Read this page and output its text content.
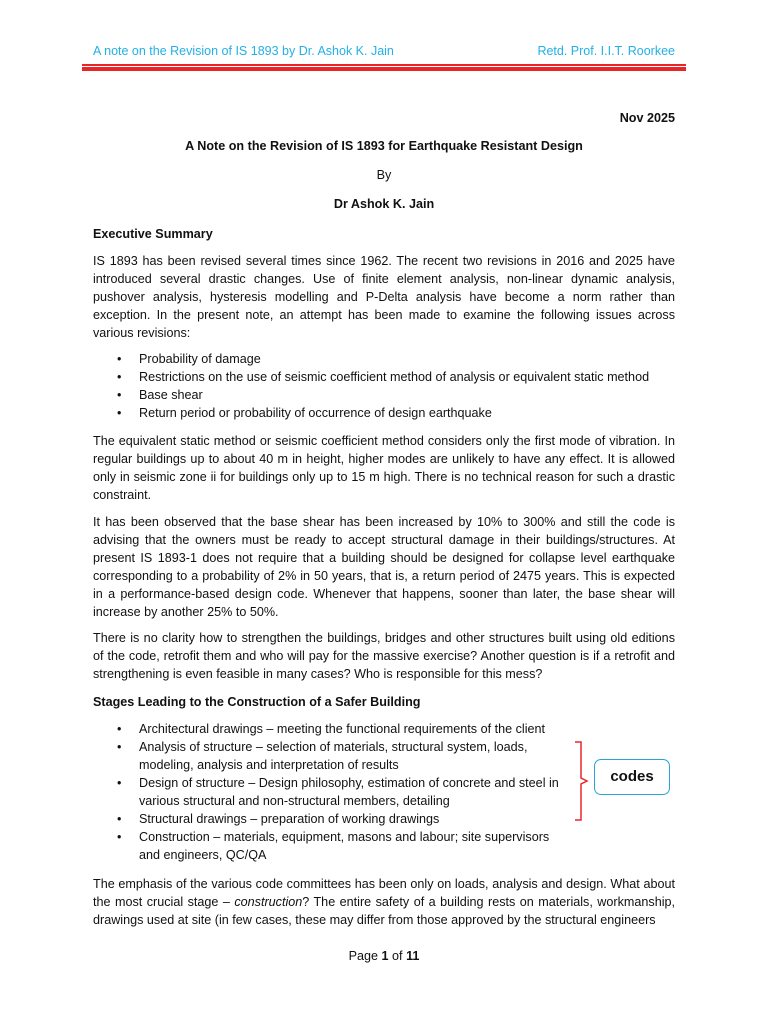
A note on the Revision of IS 1893 by Dr. Ashok K. Jain	Retd. Prof. I.I.T. Roorkee
Nov 2025
A Note on the Revision of IS 1893 for Earthquake Resistant Design
By
Dr Ashok K. Jain
Executive Summary

IS 1893 has been revised several times since 1962. The recent two revisions in 2016 and 2025 have introduced several drastic changes. Use of finite element analysis, non-linear dynamic analysis, pushover analysis, hysteresis modelling and P-Delta analysis have become a norm rather than exception. In the present note, an attempt has been made to examine the following issues across various revisions:

• Probability of damage
• Restrictions on the use of seismic coefficient method of analysis or equivalent static method
• Base shear
• Return period or probability of occurrence of design earthquake

The equivalent static method or seismic coefficient method considers only the first mode of vibration. In regular buildings up to about 40 m in height, higher modes are unlikely to have any effect. It is allowed only in seismic zone ii for buildings only up to 15 m high. There is no technical reason for such a drastic constraint.

It has been observed that the base shear has been increased by 10% to 300% and still the code is advising that the owners must be ready to accept structural damage in their buildings/structures. At present IS 1893-1 does not require that a building should be designed for collapse level earthquake corresponding to a probability of 2% in 50 years, that is, a return period of 2475 years. This is expected in a performance-based design code. Whenever that happens, sooner than later, the base shear will increase by another 25% to 50%.

There is no clarity how to strengthen the buildings, bridges and other structures built using old editions of the code, retrofit them and who will pay for the massive exercise? Another question is if a retrofit and strengthening is even feasible in many cases? Who is responsible for this mess?

Stages Leading to the Construction of a Safer Building
• Architectural drawings – meeting the functional requirements of the client
• Analysis of structure – selection of materials, structural system, loads, modeling, analysis and interpretation of results
• Design of structure – Design philosophy, estimation of concrete and steel in various structural and non-structural members, detailing
• Structural drawings – preparation of working drawings
• Construction – materials, equipment, masons and labour; site supervisors and engineers, QC/QA

The emphasis of the various code committees has been only on loads, analysis and design. What about the most crucial stage – construction? The entire safety of a building rests on materials, workmanship, drawings used at site (in few cases, these may differ from those approved by the structural engineers

Page 1 of 11
codes
